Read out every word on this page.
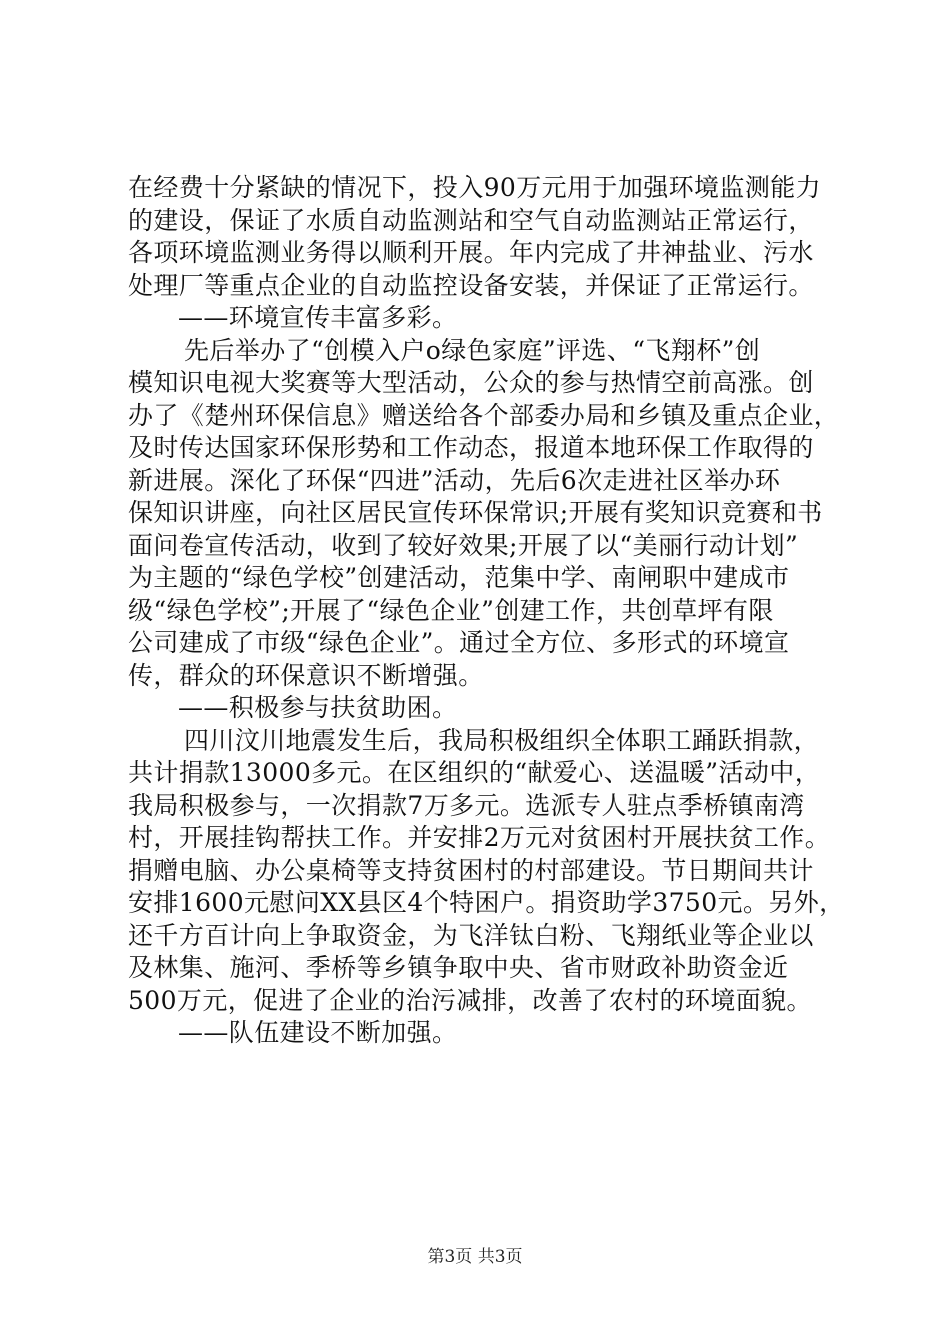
在经费十分紧缺的情况下，投入90万元用于加强环境监测能力
的建设，保证了水质自动监测站和空气自动监测站正常运行，
各项环境监测业务得以顺利开展。年内完成了井神盐业、污水
处理厂等重点企业的自动监控设备安装，并保证了正常运行。
——环境宣传丰富多彩。
先后举办了“创模入户o绿色家庭”评选、“飞翔杯”创
模知识电视大奖赛等大型活动，公众的参与热情空前高涨。创
办了《楚州环保信息》赠送给各个部委办局和乡镇及重点企业，
及时传达国家环保形势和工作动态，报道本地环保工作取得的
新进展。深化了环保“四进”活动，先后6次走进社区举办环
保知识讲座，向社区居民宣传环保常识;开展有奖知识竞赛和书
面问卷宣传活动，收到了较好效果;开展了以“美丽行动计划”
为主题的“绿色学校”创建活动，范集中学、南闸职中建成市
级“绿色学校”;开展了“绿色企业”创建工作，共创草坪有限
公司建成了市级“绿色企业”。通过全方位、多形式的环境宣
传，群众的环保意识不断增强。
——积极参与扶贫助困。
四川汶川地震发生后，我局积极组织全体职工踊跃捐款，
共计捐款13000多元。在区组织的“献爱心、送温暖”活动中，
我局积极参与，一次捐款7万多元。选派专人驻点季桥镇南湾
村，开展挂钩帮扶工作。并安排2万元对贫困村开展扶贫工作。
捐赠电脑、办公桌椅等支持贫困村的村部建设。节日期间共计
安排1600元慰问XX县区4个特困户。捐资助学3750元。另外，
还千方百计向上争取资金，为飞洋钛白粉、飞翔纸业等企业以
及林集、施河、季桥等乡镇争取中央、省市财政补助资金近
500万元，促进了企业的治污减排，改善了农村的环境面貌。
——队伍建设不断加强。
第3页 共3页
